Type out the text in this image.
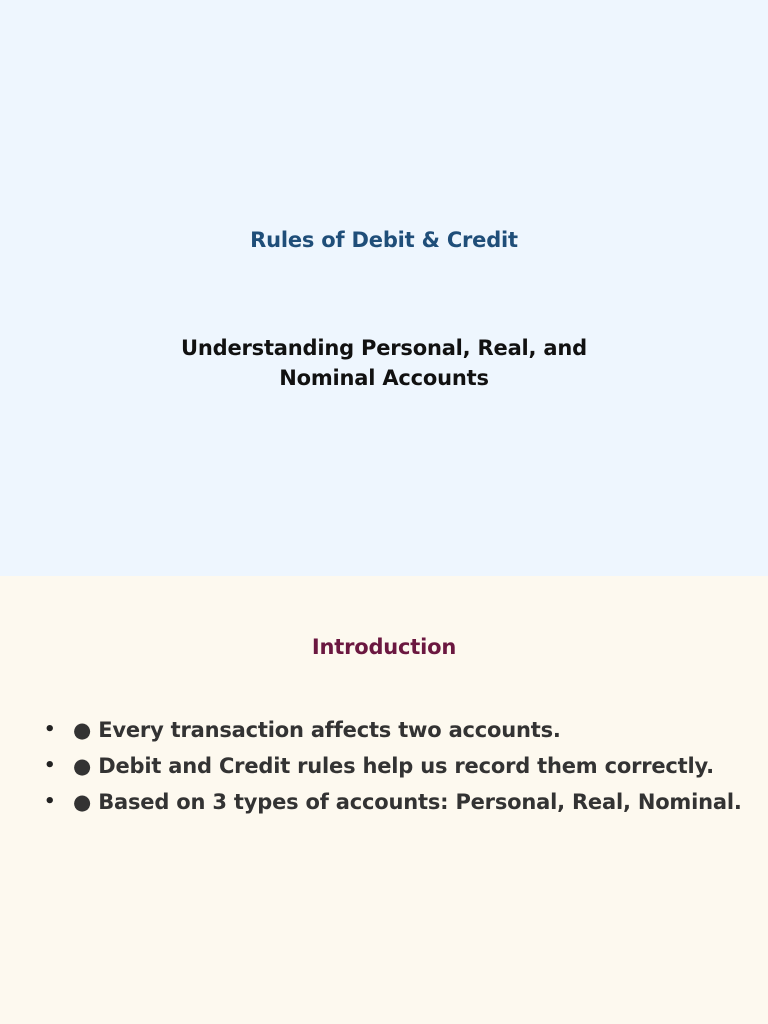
Rules of Debit & Credit
Understanding Personal, Real, and Nominal Accounts
Introduction
• ● Every transaction affects two accounts.
• ● Debit and Credit rules help us record them correctly.
• ● Based on 3 types of accounts: Personal, Real, Nominal.
